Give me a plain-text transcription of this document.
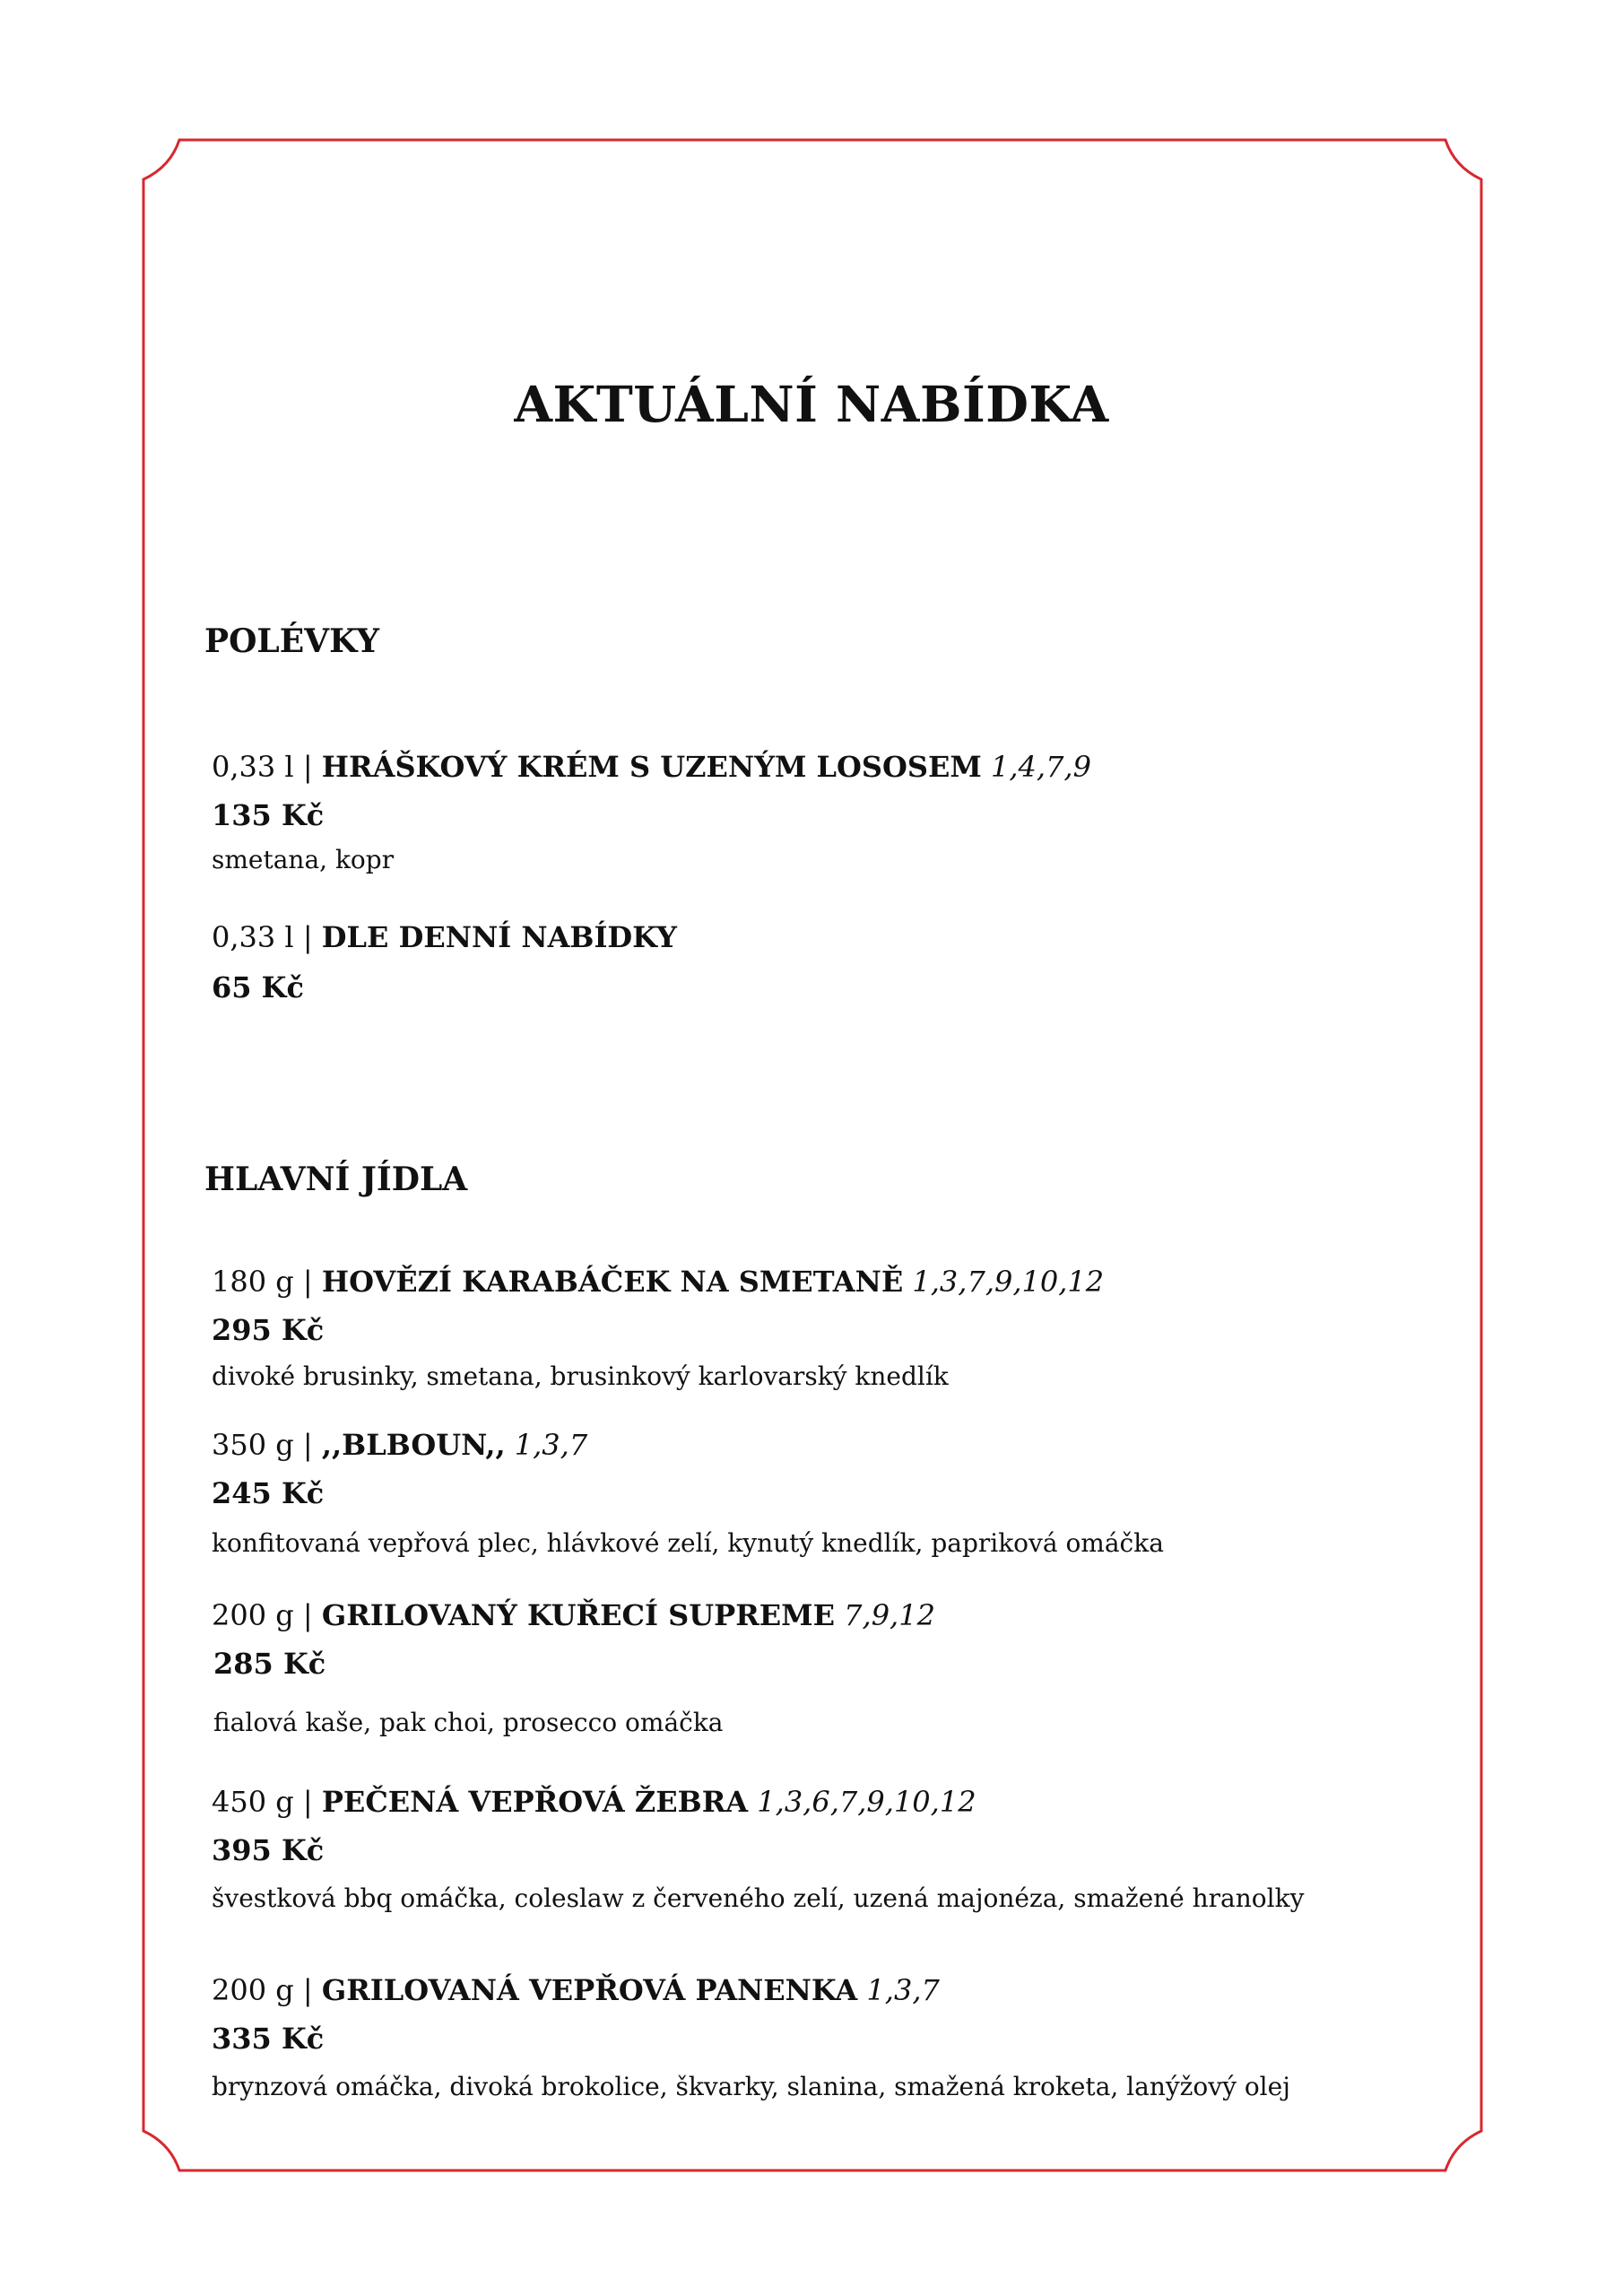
AKTUÁLNÍ NABÍDKA
POLÉVKY
0,33 l | HRÁŠKOVÝ KRÉM S UZENÝM LOSOSEM 1,4,7,9
135 Kč
smetana, kopr
0,33 l | DLE DENNÍ NABÍDKY
65 Kč
HLAVNÍ JÍDLA
180 g | HOVĚZÍ KARABÁČEK NA SMETANĚ 1,3,7,9,10,12
295 Kč
divoké brusinky, smetana, brusinkový karlovarský knedlík
350 g | ,,BLBOUN,, 1,3,7
245 Kč
konfitovaná vepřová plec, hlávkové zelí, kynutý knedlík, papriková omáčka
200 g | GRILOVANÝ KUŘECÍ SUPREME 7,9,12
285 Kč
fialová kaše, pak choi, prosecco omáčka
450 g | PEČENÁ VEPŘOVÁ ŽEBRA 1,3,6,7,9,10,12
395 Kč
švestková bbq omáčka, coleslaw z červeného zelí, uzená majonéza, smažené hranolky
200 g | GRILOVANÁ VEPŘOVÁ PANENKA 1,3,7
335 Kč
brynzová omáčka, divoká brokolice, škvarky, slanina, smažená kroketa, lanýžový olej
